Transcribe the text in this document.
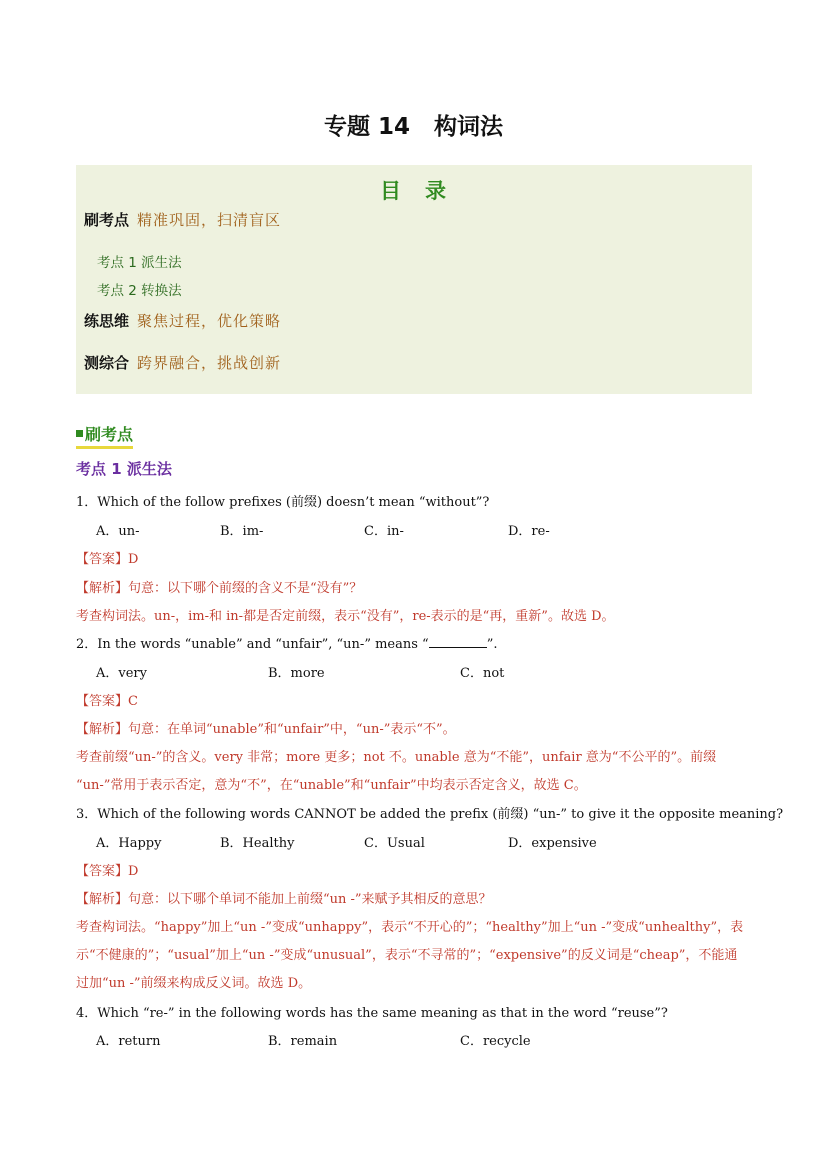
专题 14 构词法
目 录
刷考点 精准巩固，扫清盲区
考点 1 派生法
考点 2 转换法
练思维 聚焦过程，优化策略
测综合 跨界融合，挑战创新
刷考点
考点 1 派生法
1．Which of the follow prefixes (前缀) doesn’t mean “without”?
A．un-	B．im-	C．in-	D．re-
【答案】D
【解析】句意：以下哪个前缀的含义不是“没有”？
考查构词法。un-，im-和 in-都是否定前缀，表示“没有”，re-表示的是“再，重新”。故选 D。
2．In the words “unable” and “unfair”, “un-” means “	”.
A．very	B．more	C．not
【答案】C
【解析】句意：在单词“unable”和“unfair”中，“un-”表示“不”。
考查前缀“un-”的含义。very 非常；more 更多；not 不。unable 意为“不能”，unfair 意为“不公平的”。前缀
“un-”常用于表示否定，意为“不”，在“unable”和“unfair”中均表示否定含义，故选 C。
3．Which of the following words CANNOT be added the prefix (前缀) “un-” to give it the opposite meaning?
A．Happy	B．Healthy	C．Usual	D．expensive
【答案】D
【解析】句意：以下哪个单词不能加上前缀“un -”来赋予其相反的意思？
考查构词法。“happy”加上“un -”变成“unhappy”，表示“不开心的”；“healthy”加上“un -”变成“unhealthy”，表
示“不健康的”；“usual”加上“un -”变成“unusual”，表示“不寻常的”；“expensive”的反义词是“cheap”，不能通
过加“un -”前缀来构成反义词。故选 D。
4．Which “re-” in the following words has the same meaning as that in the word “reuse”?
A．return	B．remain	C．recycle
